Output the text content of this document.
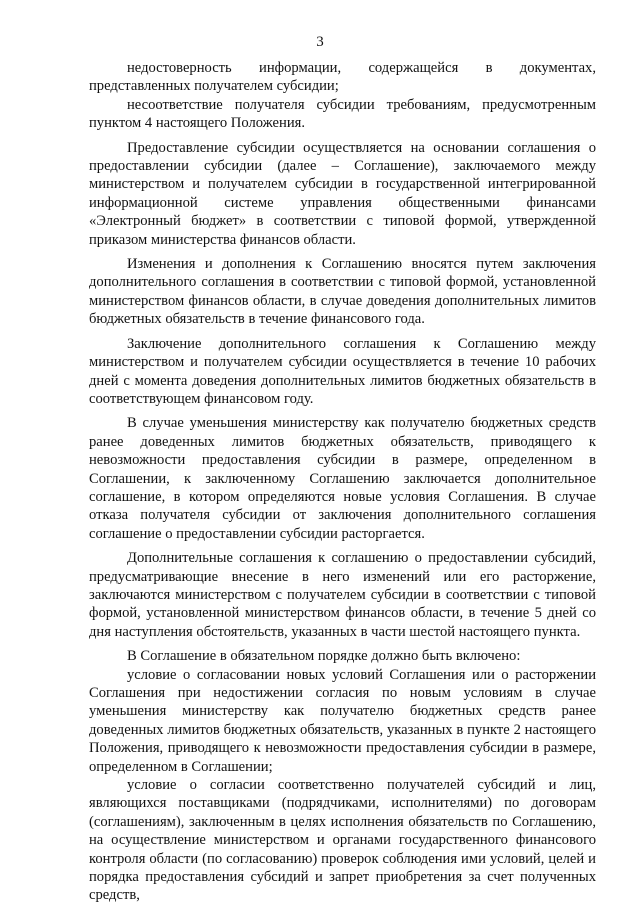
3

недостоверность информации, содержащейся в документах, представленных получателем субсидии;

несоответствие получателя субсидии требованиям, предусмотренным пунктом 4 настоящего Положения.

Предоставление субсидии осуществляется на основании соглашения о предоставлении субсидии (далее – Соглашение), заключаемого между министерством и получателем субсидии в государственной интегрированной информационной системе управления общественными финансами «Электронный бюджет» в соответствии с типовой формой, утвержденной приказом министерства финансов области.

Изменения и дополнения к Соглашению вносятся путем заключения дополнительного соглашения в соответствии с типовой формой, установленной министерством финансов области, в случае доведения дополнительных лимитов бюджетных обязательств в течение финансового года.

Заключение дополнительного соглашения к Соглашению между министерством и получателем субсидии осуществляется в течение 10 рабочих дней с момента доведения дополнительных лимитов бюджетных обязательств в соответствующем финансовом году.

В случае уменьшения министерству как получателю бюджетных средств ранее доведенных лимитов бюджетных обязательств, приводящего к невозможности предоставления субсидии в размере, определенном в Соглашении, к заключенному Соглашению заключается дополнительное соглашение, в котором определяются новые условия Соглашения. В случае отказа получателя субсидии от заключения дополнительного соглашения соглашение о предоставлении субсидии расторгается.

Дополнительные соглашения к соглашению о предоставлении субсидий, предусматривающие внесение в него изменений или его расторжение, заключаются министерством с получателем субсидии в соответствии с типовой формой, установленной министерством финансов области, в течение 5 дней со дня наступления обстоятельств, указанных в части шестой настоящего пункта.

В Соглашение в обязательном порядке должно быть включено:

условие о согласовании новых условий Соглашения или о расторжении Соглашения при недостижении согласия по новым условиям в случае уменьшения министерству как получателю бюджетных средств ранее доведенных лимитов бюджетных обязательств, указанных в пункте 2 настоящего Положения, приводящего к невозможности предоставления субсидии в размере, определенном в Соглашении;

условие о согласии соответственно получателей субсидий и лиц, являющихся поставщиками (подрядчиками, исполнителями) по договорам (соглашениям), заключенным в целях исполнения обязательств по Соглашению, на осуществление министерством и органами государственного финансового контроля области (по согласованию) проверок соблюдения ими условий, целей и порядка предоставления субсидий и запрет приобретения за счет полученных средств,
